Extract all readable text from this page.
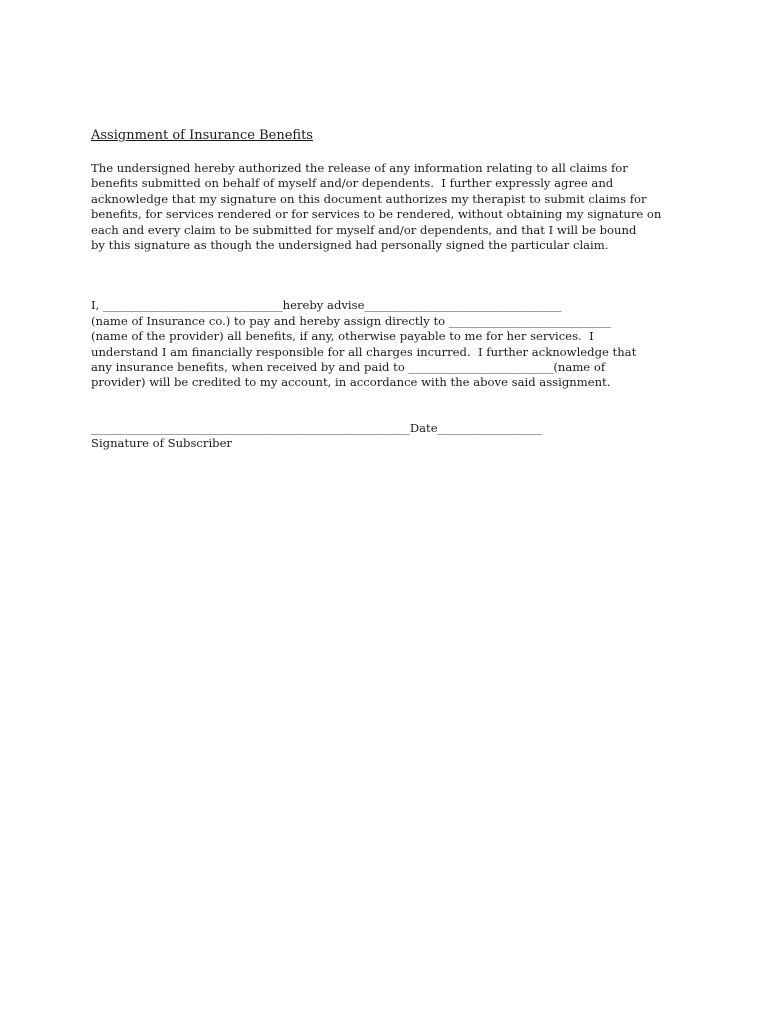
Assignment of Insurance Benefits
The undersigned hereby authorized the release of any information relating to all claims for
benefits submitted on behalf of myself and/or dependents.  I further expressly agree and
acknowledge that my signature on this document authorizes my therapist to submit claims for
benefits, for services rendered or for services to be rendered, without obtaining my signature on
each and every claim to be submitted for myself and/or dependents, and that I will be bound
by this signature as though the undersigned had personally signed the particular claim.
I, _______________________________hereby advise__________________________________
(name of Insurance co.) to pay and hereby assign directly to ____________________________
(name of the provider) all benefits, if any, otherwise payable to me for her services.  I
understand I am financially responsible for all charges incurred.  I further acknowledge that
any insurance benefits, when received by and paid to _________________________(name of
provider) will be credited to my account, in accordance with the above said assignment.
_______________________________________________________Date__________________
Signature of Subscriber
